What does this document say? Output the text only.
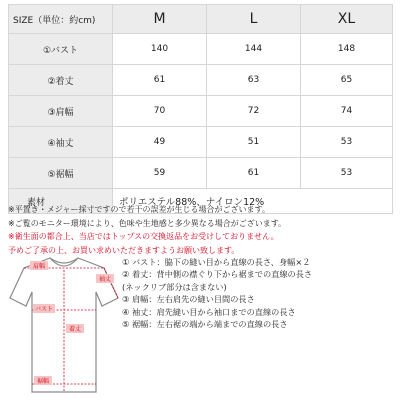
SIZE（単位：約cm)	M	L	XL
①バスト	140	144	148
②着丈	61	63	65
③肩幅	70	72	74
④袖丈	49	51	53
⑤裾幅	59	61	53
素材	ポリエステル88%、ナイロン12%		
※平置き・メジャー採寸ですので若干の誤差が生じる場合がございます。
※ご覧のモニター環境により、色味や生地感と多少異なる場合がございます。
※衛生面の都合上、当店ではトップスの交換返品をお受けしておりません。
予めご了承の上、お買い求めいただきますようお願い致します。
肩幅
袖丈
バスト
着丈
裾幅
① バスト：脇下の縫い目から直線の長さ、身幅×２
② 着丈：背中側の襟ぐり下から裾までの直線の長さ
(ネックリブ部分は含まない)
③ 肩幅：左右肩先の縫い目間の長さ
④ 袖丈：肩先縫い目から袖口までの直線の長さ
⑤ 裾幅：左右裾の端から端までの直線の長さ
